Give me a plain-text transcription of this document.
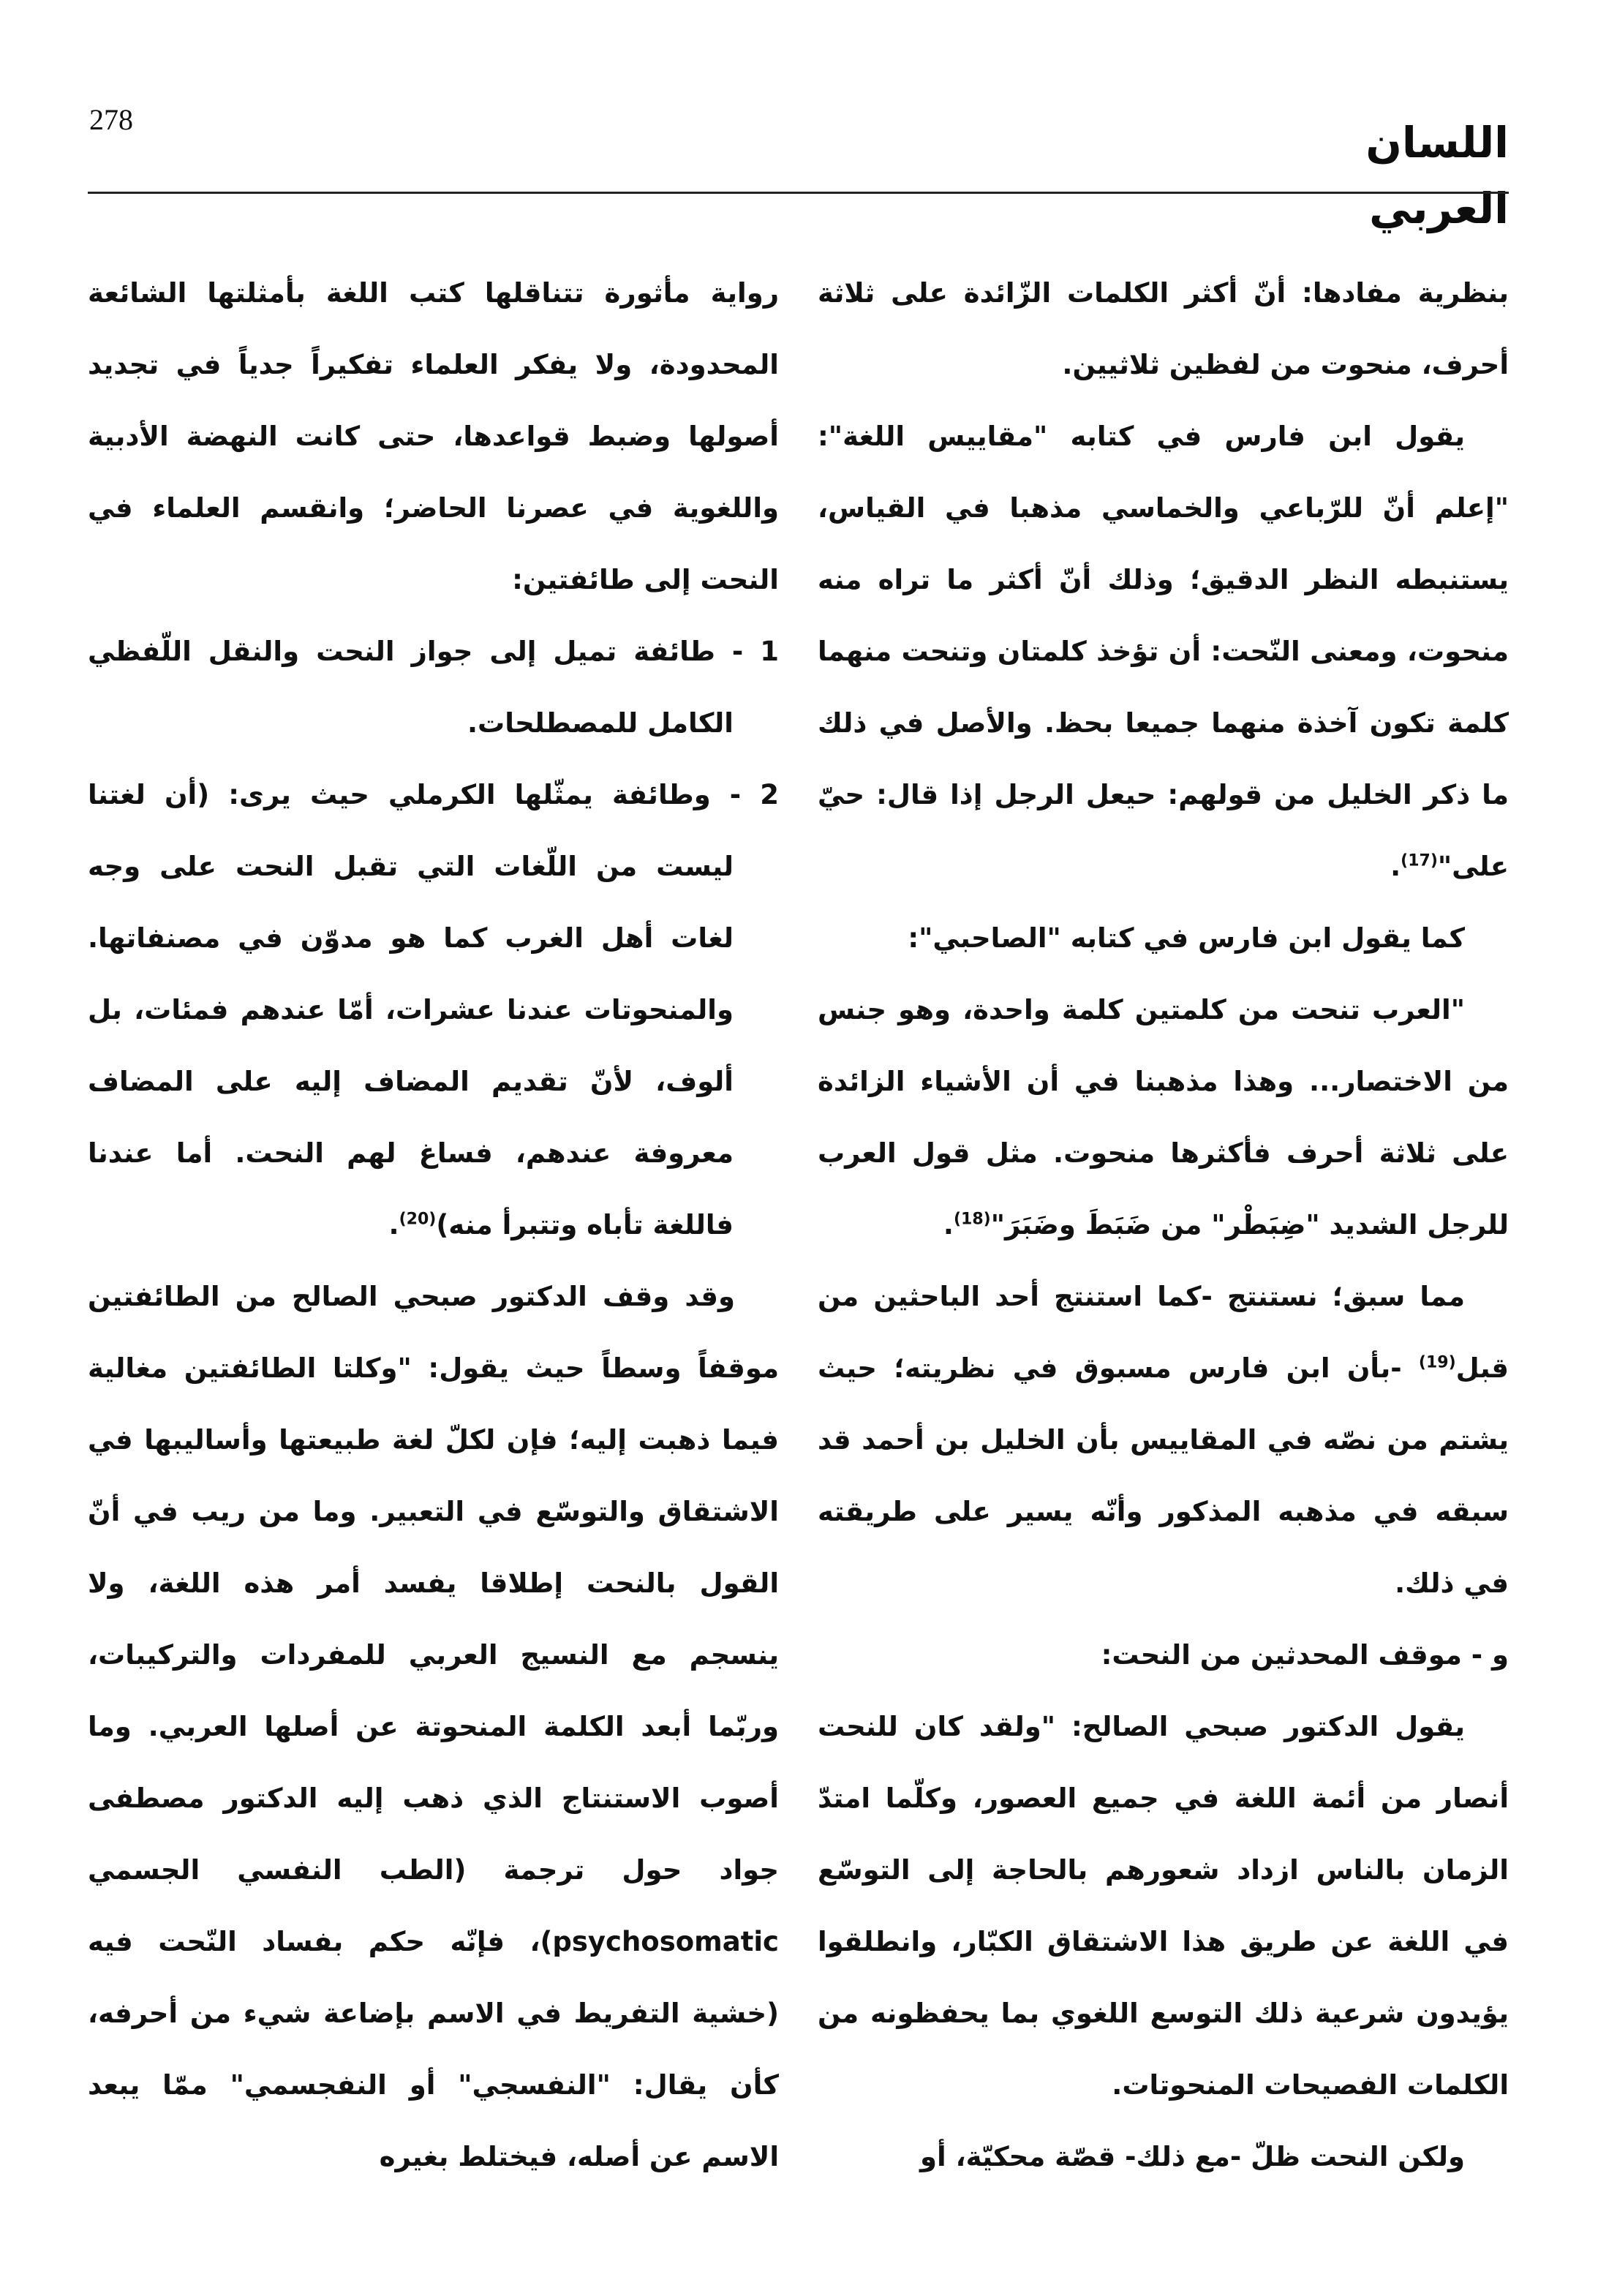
278	اللسان العربي

بنظرية مفادها: أنّ أكثر الكلمات الزّائدة على ثلاثة أحرف، منحوت من لفظين ثلاثيين.

يقول ابن فارس في كتابه "مقاييس اللغة": "إعلم أنّ للرّباعي والخماسي مذهبا في القياس، يستنبطه النظر الدقيق؛ وذلك أنّ أكثر ما تراه منه منحوت، ومعنى النّحت: أن تؤخذ كلمتان وتنحت منهما كلمة تكون آخذة منهما جميعا بحظ. والأصل في ذلك ما ذكر الخليل من قولهم: حيعل الرجل إذا قال: حيّ على"$^{(17)}$.

كما يقول ابن فارس في كتابه "الصاحبي":

"العرب تنحت من كلمتين كلمة واحدة، وهو جنس من الاختصار... وهذا مذهبنا في أن الأشياء الزائدة على ثلاثة أحرف فأكثرها منحوت. مثل قول العرب للرجل الشديد "ضِبَطْر" من ضَبَطَ وضَبَرَ"$^{(18)}$.

مما سبق؛ نستنتج -كما استنتج أحد الباحثين من قبل$^{(19)}$ -بأن ابن فارس مسبوق في نظريته؛ حيث يشتم من نصّه في المقاييس بأن الخليل بن أحمد قد سبقه في مذهبه المذكور وأنّه يسير على طريقته في ذلك.

و - موقف المحدثين من النحت:

يقول الدكتور صبحي الصالح: "ولقد كان للنحت أنصار من أئمة اللغة في جميع العصور، وكلّما امتدّ الزمان بالناس ازداد شعورهم بالحاجة إلى التوسّع في اللغة عن طريق هذا الاشتقاق الكبّار، وانطلقوا يؤيدون شرعية ذلك التوسع اللغوي بما يحفظونه من الكلمات الفصيحات المنحوتات.

ولكن النحت ظلّ -مع ذلك- قصّة محكيّة، أو

رواية مأثورة تتناقلها كتب اللغة بأمثلتها الشائعة المحدودة، ولا يفكر العلماء تفكيراً جدياً في تجديد أصولها وضبط قواعدها، حتى كانت النهضة الأدبية واللغوية في عصرنا الحاضر؛ وانقسم العلماء في النحت إلى طائفتين:

1 - طائفة تميل إلى جواز النحت والنقل اللّفظي الكامل للمصطلحات.

2 - وطائفة يمثّلها الكرملي حيث يرى: (أن لغتنا ليست من اللّغات التي تقبل النحت على وجه لغات أهل الغرب كما هو مدوّن في مصنفاتها. والمنحوتات عندنا عشرات، أمّا عندهم فمئات، بل ألوف، لأنّ تقديم المضاف إليه على المضاف معروفة عندهم، فساغ لهم النحت. أما عندنا فاللغة تأباه وتتبرأ منه)$^{(20)}$.

وقد وقف الدكتور صبحي الصالح من الطائفتين موقفاً وسطاً حيث يقول: "وكلتا الطائفتين مغالية فيما ذهبت إليه؛ فإن لكلّ لغة طبيعتها وأساليبها في الاشتقاق والتوسّع في التعبير. وما من ريب في أنّ القول بالنحت إطلاقا يفسد أمر هذه اللغة، ولا ينسجم مع النسيج العربي للمفردات والتركيبات، وربّما أبعد الكلمة المنحوتة عن أصلها العربي. وما أصوب الاستنتاج الذي ذهب إليه الدكتور مصطفى جواد حول ترجمة (الطب النفسي الجسمي psychosomatic)، فإنّه حكم بفساد النّحت فيه (خشية التفريط في الاسم بإضاعة شيء من أحرفه، كأن يقال: "النفسجي" أو النفجسمي" ممّا يبعد الاسم عن أصله، فيختلط بغيره
